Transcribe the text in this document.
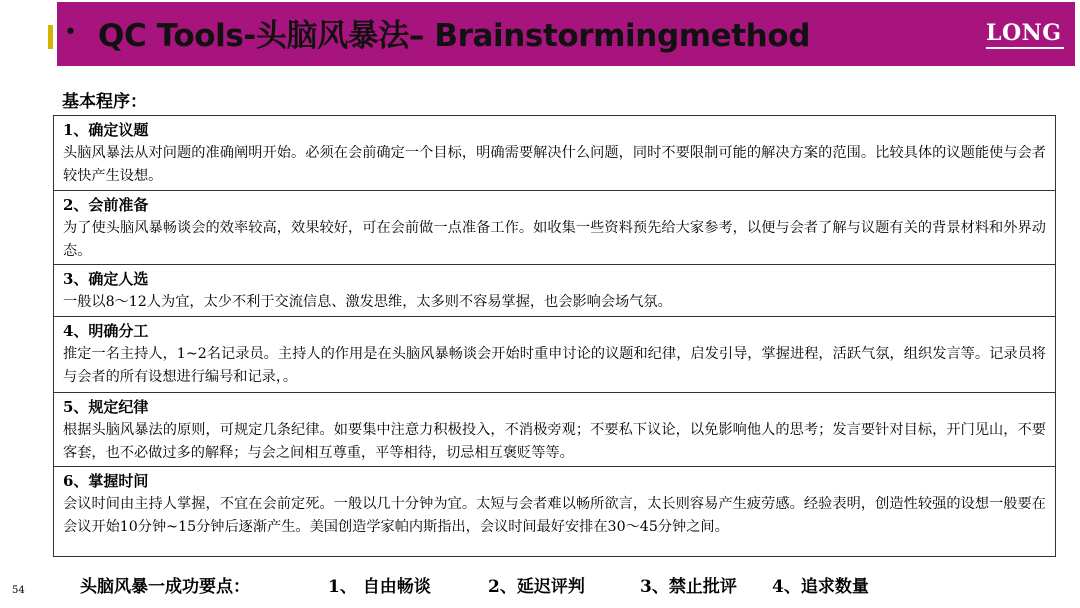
• QC Tools-头脑风暴法– Brainstormingmethod	LONG
基本程序：
1、确定议题
头脑风暴法从对问题的准确阐明开始。必须在会前确定一个目标，明确需要解决什么问题，同时不要限制可能的解决方案的范围。比较具体的议题能使与会者较快产生设想。
2、会前准备
为了使头脑风暴畅谈会的效率较高，效果较好，可在会前做一点准备工作。如收集一些资料预先给大家参考，以便与会者了解与议题有关的背景材料和外界动态。
3、确定人选
一般以8～12人为宜，太少不利于交流信息、激发思维，太多则不容易掌握，也会影响会场气氛。
4、明确分工
推定一名主持人，1~2名记录员。主持人的作用是在头脑风暴畅谈会开始时重申讨论的议题和纪律，启发引导，掌握进程，活跃气氛，组织发言等。记录员将与会者的所有设想进行编号和记录，。
5、规定纪律
根据头脑风暴法的原则，可规定几条纪律。如要集中注意力积极投入，不消极旁观；不要私下议论，以免影响他人的思考；发言要针对目标，开门见山，不要客套，也不必做过多的解释；与会之间相互尊重，平等相待，切忌相互褒贬等等。
6、掌握时间
会议时间由主持人掌握，不宜在会前定死。一般以几十分钟为宜。太短与会者难以畅所欲言，太长则容易产生疲劳感。经验表明，创造性较强的设想一般要在会议开始10分钟~15分钟后逐渐产生。美国创造学家帕内斯指出，会议时间最好安排在30～45分钟之间。
54	头脑风暴一成功要点：	1、 自由畅谈	2、延迟评判	3、禁止批评 4、追求数量
